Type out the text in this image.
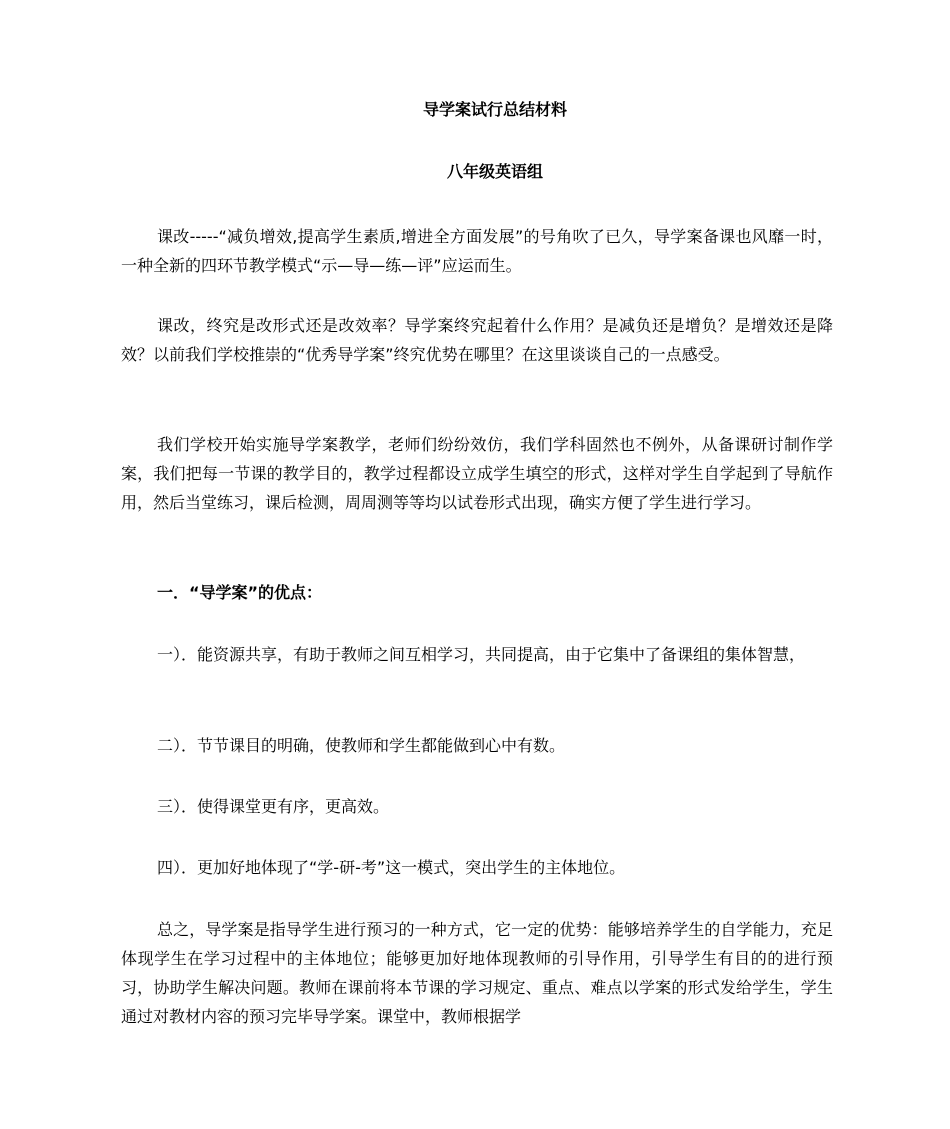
导学案试行总结材料
八年级英语组

课改-----“减负增效,提高学生素质,增进全方面发展”的号角吹了已久，导学案备课也风靡一时，一种全新的四环节教学模式“示—导—练—评”应运而生。

课改，终究是改形式还是改效率？导学案终究起着什么作用？是减负还是增负？是增效还是降效？以前我们学校推崇的“优秀导学案”终究优势在哪里？在这里谈谈自己的一点感受。

我们学校开始实施导学案教学，老师们纷纷效仿，我们学科固然也不例外，从备课研讨制作学案，我们把每一节课的教学目的，教学过程都设立成学生填空的形式，这样对学生自学起到了导航作用，然后当堂练习，课后检测，周周测等等均以试卷形式出现，确实方便了学生进行学习。

一．“导学案”的优点：

一）．能资源共享，有助于教师之间互相学习，共同提高，由于它集中了备课组的集体智慧，

二）．节节课目的明确，使教师和学生都能做到心中有数。

三）．使得课堂更有序，更高效。

四）．更加好地体现了“学-研-考”这一模式，突出学生的主体地位。

总之，导学案是指导学生进行预习的一种方式，它一定的优势：能够培养学生的自学能力，充足体现学生在学习过程中的主体地位；能够更加好地体现教师的引导作用，引导学生有目的的进行预习，协助学生解决问题。教师在课前将本节课的学习规定、重点、难点以学案的形式发给学生，学生通过对教材内容的预习完毕导学案。课堂中，教师根据学
